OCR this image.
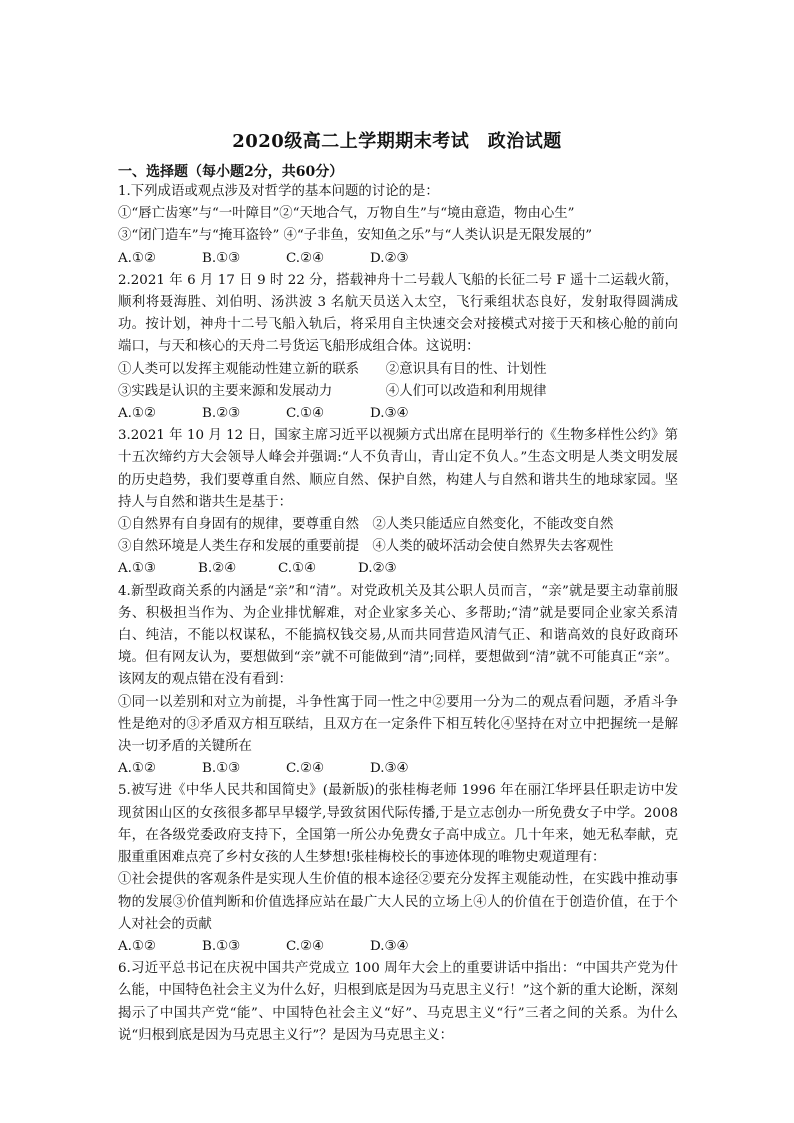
2020级高二上学期期末考试　政治试题
一、选择题（每小题2分，共60分）

1.下列成语或观点涉及对哲学的基本问题的讨论的是：

①“唇亡齿寒”与“一叶障目”②“天地合气，万物自生”与“境由意造，物由心生”

③“闭门造车”与“掩耳盗铃” ④“子非鱼，安知鱼之乐”与“人类认识是无限发展的”

A.①②	B.①③	C.②④	D.②③

2.2021 年 6 月 17 日 9 时 22 分，搭载神舟十二号载人飞船的长征二号 F 遥十二运载火箭，顺利将聂海胜、刘伯明、汤洪波 3 名航天员送入太空，飞行乘组状态良好，发射取得圆满成功。按计划，神舟十二号飞船入轨后，将采用自主快速交会对接模式对接于天和核心舱的前向端口，与天和核心的天舟二号货运飞船形成组合体。这说明：

①人类可以发挥主观能动性建立新的联系　　②意识具有目的性、计划性

③实践是认识的主要来源和发展动力　　　　④人们可以改造和利用规律

A.①②	B.②③	C.①④	D.③④

3.2021 年 10 月 12 日，国家主席习近平以视频方式出席在昆明举行的《生物多样性公约》第十五次缔约方大会领导人峰会并强调:“人不负青山，青山定不负人。”生态文明是人类文明发展的历史趋势，我们要尊重自然、顺应自然、保护自然，构建人与自然和谐共生的地球家园。坚持人与自然和谐共生是基于：

①自然界有自身固有的规律，要尊重自然　②人类只能适应自然变化，不能改变自然

③自然环境是人类生存和发展的重要前提　④人类的破坏活动会使自然界失去客观性

A.①③	B.②④	C.①④	D.②③

4.新型政商关系的内涵是“亲”和“清”。对党政机关及其公职人员而言，“亲”就是要主动靠前服务、积极担当作为、为企业排忧解难，对企业家多关心、多帮助;“清”就是要同企业家关系清白、纯洁，不能以权谋私，不能搞权钱交易,从而共同营造风清气正、和谐高效的良好政商环境。但有网友认为，要想做到“亲”就不可能做到“清”;同样，要想做到“清”就不可能真正“亲”。该网友的观点错在没有看到：

①同一以差别和对立为前提，斗争性寓于同一性之中②要用一分为二的观点看问题，矛盾斗争性是绝对的③矛盾双方相互联结，且双方在一定条件下相互转化④坚持在对立中把握统一是解决一切矛盾的关键所在

A.①②	B.①③	C.②④	D.③④

5.被写进《中华人民共和国简史》(最新版)的张桂梅老师 1996 年在丽江华坪县任职走访中发现贫困山区的女孩很多都早早辍学,导致贫困代际传播,于是立志创办一所免费女子中学。2008 年，在各级党委政府支持下，全国第一所公办免费女子高中成立。几十年来，她无私奉献，克服重重困难点亮了乡村女孩的人生梦想!张桂梅校长的事迹体现的唯物史观道理有：

①社会提供的客观条件是实现人生价值的根本途径②要充分发挥主观能动性，在实践中推动事物的发展③价值判断和价值选择应站在最广大人民的立场上④人的价值在于创造价值，在于个人对社会的贡献

A.①②	B.①③	C.②④	D.③④

6.习近平总书记在庆祝中国共产党成立 100 周年大会上的重要讲话中指出：“中国共产党为什么能，中国特色社会主义为什么好，归根到底是因为马克思主义行！”这个新的重大论断，深刻揭示了中国共产党“能”、中国特色社会主义“好”、马克思主义“行”三者之间的关系。为什么说“归根到底是因为马克思主义行”？是因为马克思主义：
